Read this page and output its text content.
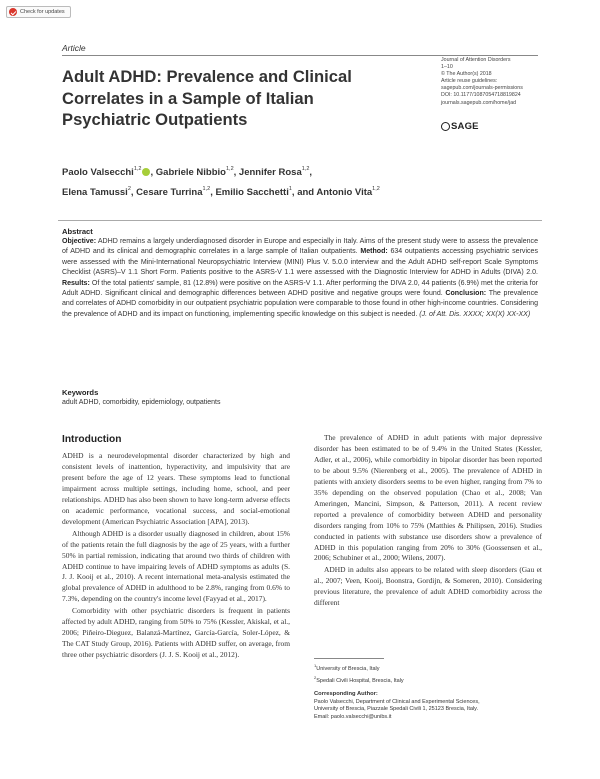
Check for updates
Article
Adult ADHD: Prevalence and Clinical Correlates in a Sample of Italian Psychiatric Outpatients
Journal of Attention Disorders
1–10
© The Author(s) 2018
Article reuse guidelines:
sagepub.com/journals-permissions
DOI: 10.1177/1087054718819824
journals.sagepub.com/home/jad
SAGE
Paolo Valsecchi$^{1,2}$ , Gabriele Nibbio$^{1,2}$, Jennifer Rosa$^{1,2}$,
Elena Tamussi$^2$, Cesare Turrina$^{1,2}$, Emilio Sacchetti$^1$, and Antonio Vita$^{1,2}$
Abstract
Objective: ADHD remains a largely underdiagnosed disorder in Europe and especially in Italy. Aims of the present study were to assess the prevalence of ADHD and its clinical and demographic correlates in a large sample of Italian outpatients. Method: 634 outpatients accessing psychiatric services were assessed with the Mini-International Neuropsychiatric Interview (MINI) Plus V. 5.0.0 interview and the Adult ADHD self-report Scale Symptoms Checklist (ASRS)–V 1.1 Short Form. Patients positive to the ASRS-V 1.1 were assessed with the Diagnostic Interview for ADHD in Adults (DIVA) 2.0. Results: Of the total patients' sample, 81 (12.8%) were positive on the ASRS-V 1.1. After performing the DIVA 2.0, 44 patients (6.9%) met the criteria for Adult ADHD. Significant clinical and demographic differences between ADHD positive and negative groups were found. Conclusion: The prevalence and correlates of ADHD comorbidity in our outpatient psychiatric population were comparable to those found in other high-income countries. Considering the prevalence of ADHD and its impact on functioning, implementing specific knowledge on this subject is needed. (J. of Att. Dis. XXXX; XX(X) XX-XX)
Keywords
adult ADHD, comorbidity, epidemiology, outpatients
Introduction

ADHD is a neurodevelopmental disorder characterized by high and consistent levels of inattention, hyperactivity, and impulsivity that are present before the age of 12 years. These symptoms lead to functional impairment across multiple settings, including home, school, and peer relationships. ADHD has also been shown to have long-term adverse effects on academic performance, vocational success, and social-emotional development (American Psychiatric Association [APA], 2013).

Although ADHD is a disorder usually diagnosed in children, about 15% of the patients retain the full diagnosis by the age of 25 years, with a further 50% in partial remission, indicating that around two thirds of children with ADHD continue to have impairing levels of ADHD symptoms as adults (S. J. J. Kooij et al., 2010). A recent international meta-analysis estimated the global prevalence of ADHD in adulthood to be 2.8%, ranging from 0.6% to 7.3%, depending on the country's income level (Fayyad et al., 2017).

Comorbidity with other psychiatric disorders is frequent in patients affected by adult ADHD, ranging from 50% to 75% (Kessler, Akiskal, et al., 2006; Piñeiro-Dieguez, Balanzá-Martínez, García-García, Soler-López, & The CAT Study Group, 2016). Patients with ADHD suffer, on average, from three other psychiatric disorders (J. J. S. Kooij et al., 2012).

The prevalence of ADHD in adult patients with major depressive disorder has been estimated to be of 9.4% in the United States (Kessler, Adler, et al., 2006), while comorbidity in bipolar disorder has been reported to be about 9.5% (Nierenberg et al., 2005). The prevalence of ADHD in patients with anxiety disorders seems to be even higher, ranging from 7% to 35% depending on the observed population (Chao et al., 2008; Van Ameringen, Mancini, Simpson, & Patterson, 2011). A recent review reported a prevalence of comorbidity between ADHD and personality disorders ranging from 10% to 75% (Matthies & Philipsen, 2016). Studies conducted in patients with substance use disorders show a prevalence of ADHD in this population ranging from 20% to 30% (Goossensen et al., 2006; Schubiner et al., 2000; Wilens, 2007).

ADHD in adults also appears to be related with sleep disorders (Gau et al., 2007; Veen, Kooij, Boonstra, Gordijn, & Someren, 2010). Considering previous literature, the prevalence of adult ADHD comorbidity across the different

$^1$University of Brescia, Italy
$^2$Spedali Civili Hospital, Brescia, Italy
Corresponding Author:
Paolo Valsecchi, Department of Clinical and Experimental Sciences,
University of Brescia, Piazzale Spedali Civili 1, 25123 Brescia, Italy.
Email: paolo.valsecchi@unibs.it
